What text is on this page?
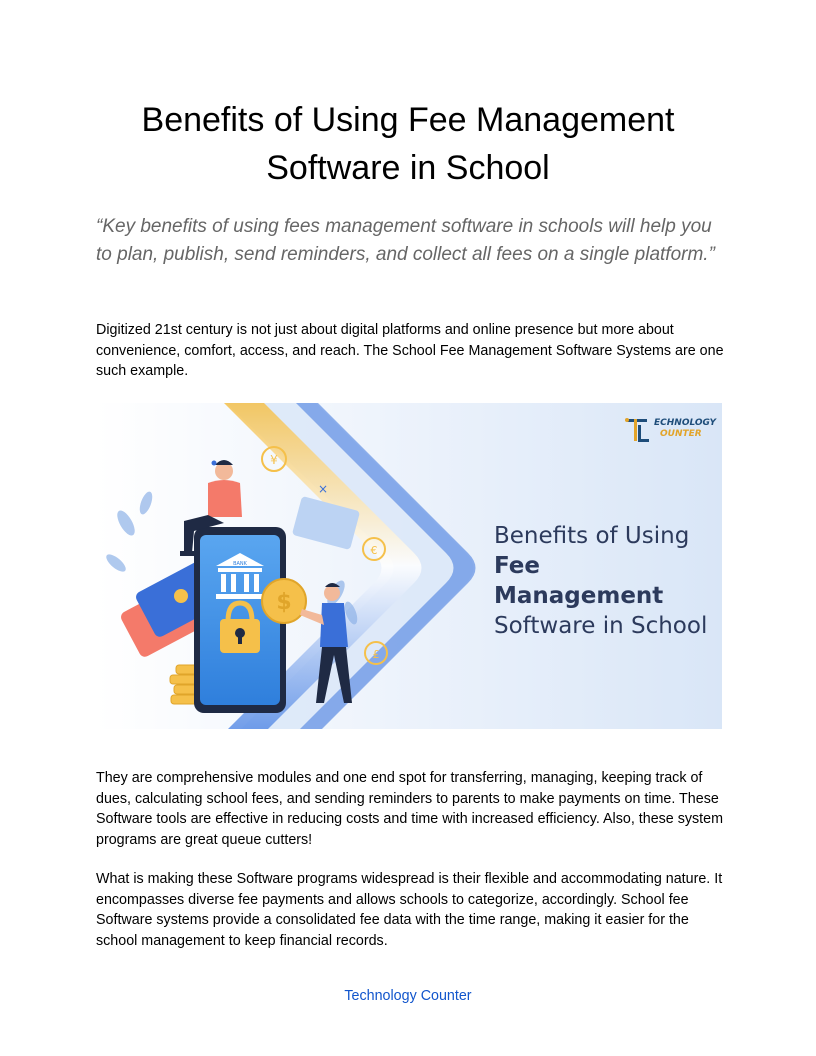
Benefits of Using Fee Management Software in School

“Key benefits of using fees management software in schools will help you to plan, publish, send reminders, and collect all fees on a single platform.”

Digitized 21st century is not just about digital platforms and online presence but more about convenience, comfort, access, and reach. The School Fee Management Software Systems are one such example.

BANK
$
¥
€
£
×
ECHNOLOGY
OUNTER
Benefits of Using
Fee Management
Software in School

They are comprehensive modules and one end spot for transferring, managing, keeping track of dues, calculating school fees, and sending reminders to parents to make payments on time. These Software tools are effective in reducing costs and time with increased efficiency. Also, these system programs are great queue cutters!

What is making these Software programs widespread is their flexible and accommodating nature. It encompasses diverse fee payments and allows schools to categorize, accordingly. School fee Software systems provide a consolidated fee data with the time range, making it easier for the school management to keep financial records.

Technology Counter
